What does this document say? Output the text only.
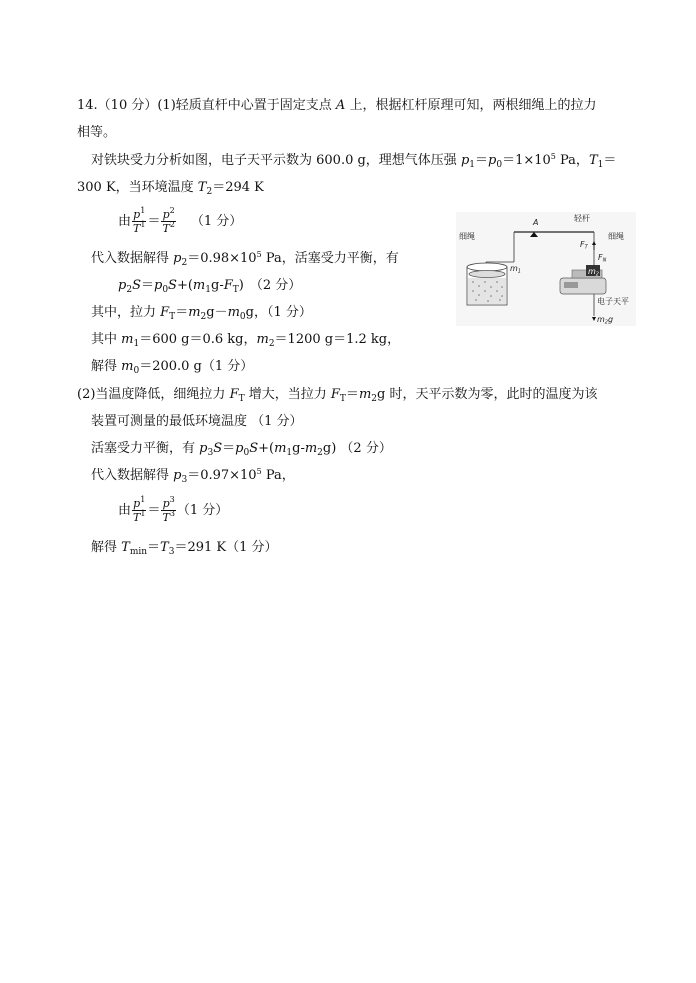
14.（10 分）(1)轻质直杆中心置于固定支点 A 上，根据杠杆原理可知，两根细绳上的拉力
相等。
对铁块受力分析如图，电子天平示数为 600.0 g，理想气体压强 $p_1=p_0=1\times 10^5$ Pa，$T_1=$
300 K，当环境温度 $T_2=294$ K
由 $\frac{p^1}{T^1} = \frac{p^2}{T^2} (1$ 分）
代入数据解得 $p_2=0.98\times 10^5$ Pa，活塞受力平衡，有
$p_2S=p_0S+(m_1g-F_T)$ （2 分）
其中，拉力 $F_T=m_2g-m_0g$，（1 分）
其中 $m_1=600$ g＝0.6 kg，$m_2=1200$ g＝1.2 kg，
解得 $m_0=200.0$ g（1 分）
(2)当温度降低，细绳拉力 $F_T$ 增大，当拉力 $F_T=m_2g$ 时，天平示数为零，此时的温度为该
装置可测量的最低环境温度 （1 分）
活塞受力平衡，有 $p_3S=p_0S+(m_1g-m_2g)$ （2 分）
代入数据解得 $p_3=0.97\times 10^5$ Pa，
由 $\frac{p^1}{T^1} = \frac{p^3}{T^3} (1$ 分）
解得 $T_{min}=T_3=291$ K（1 分）
A	轻杆
细绳	细绳
m1
FT
FN
m2
电子天平
m2g
